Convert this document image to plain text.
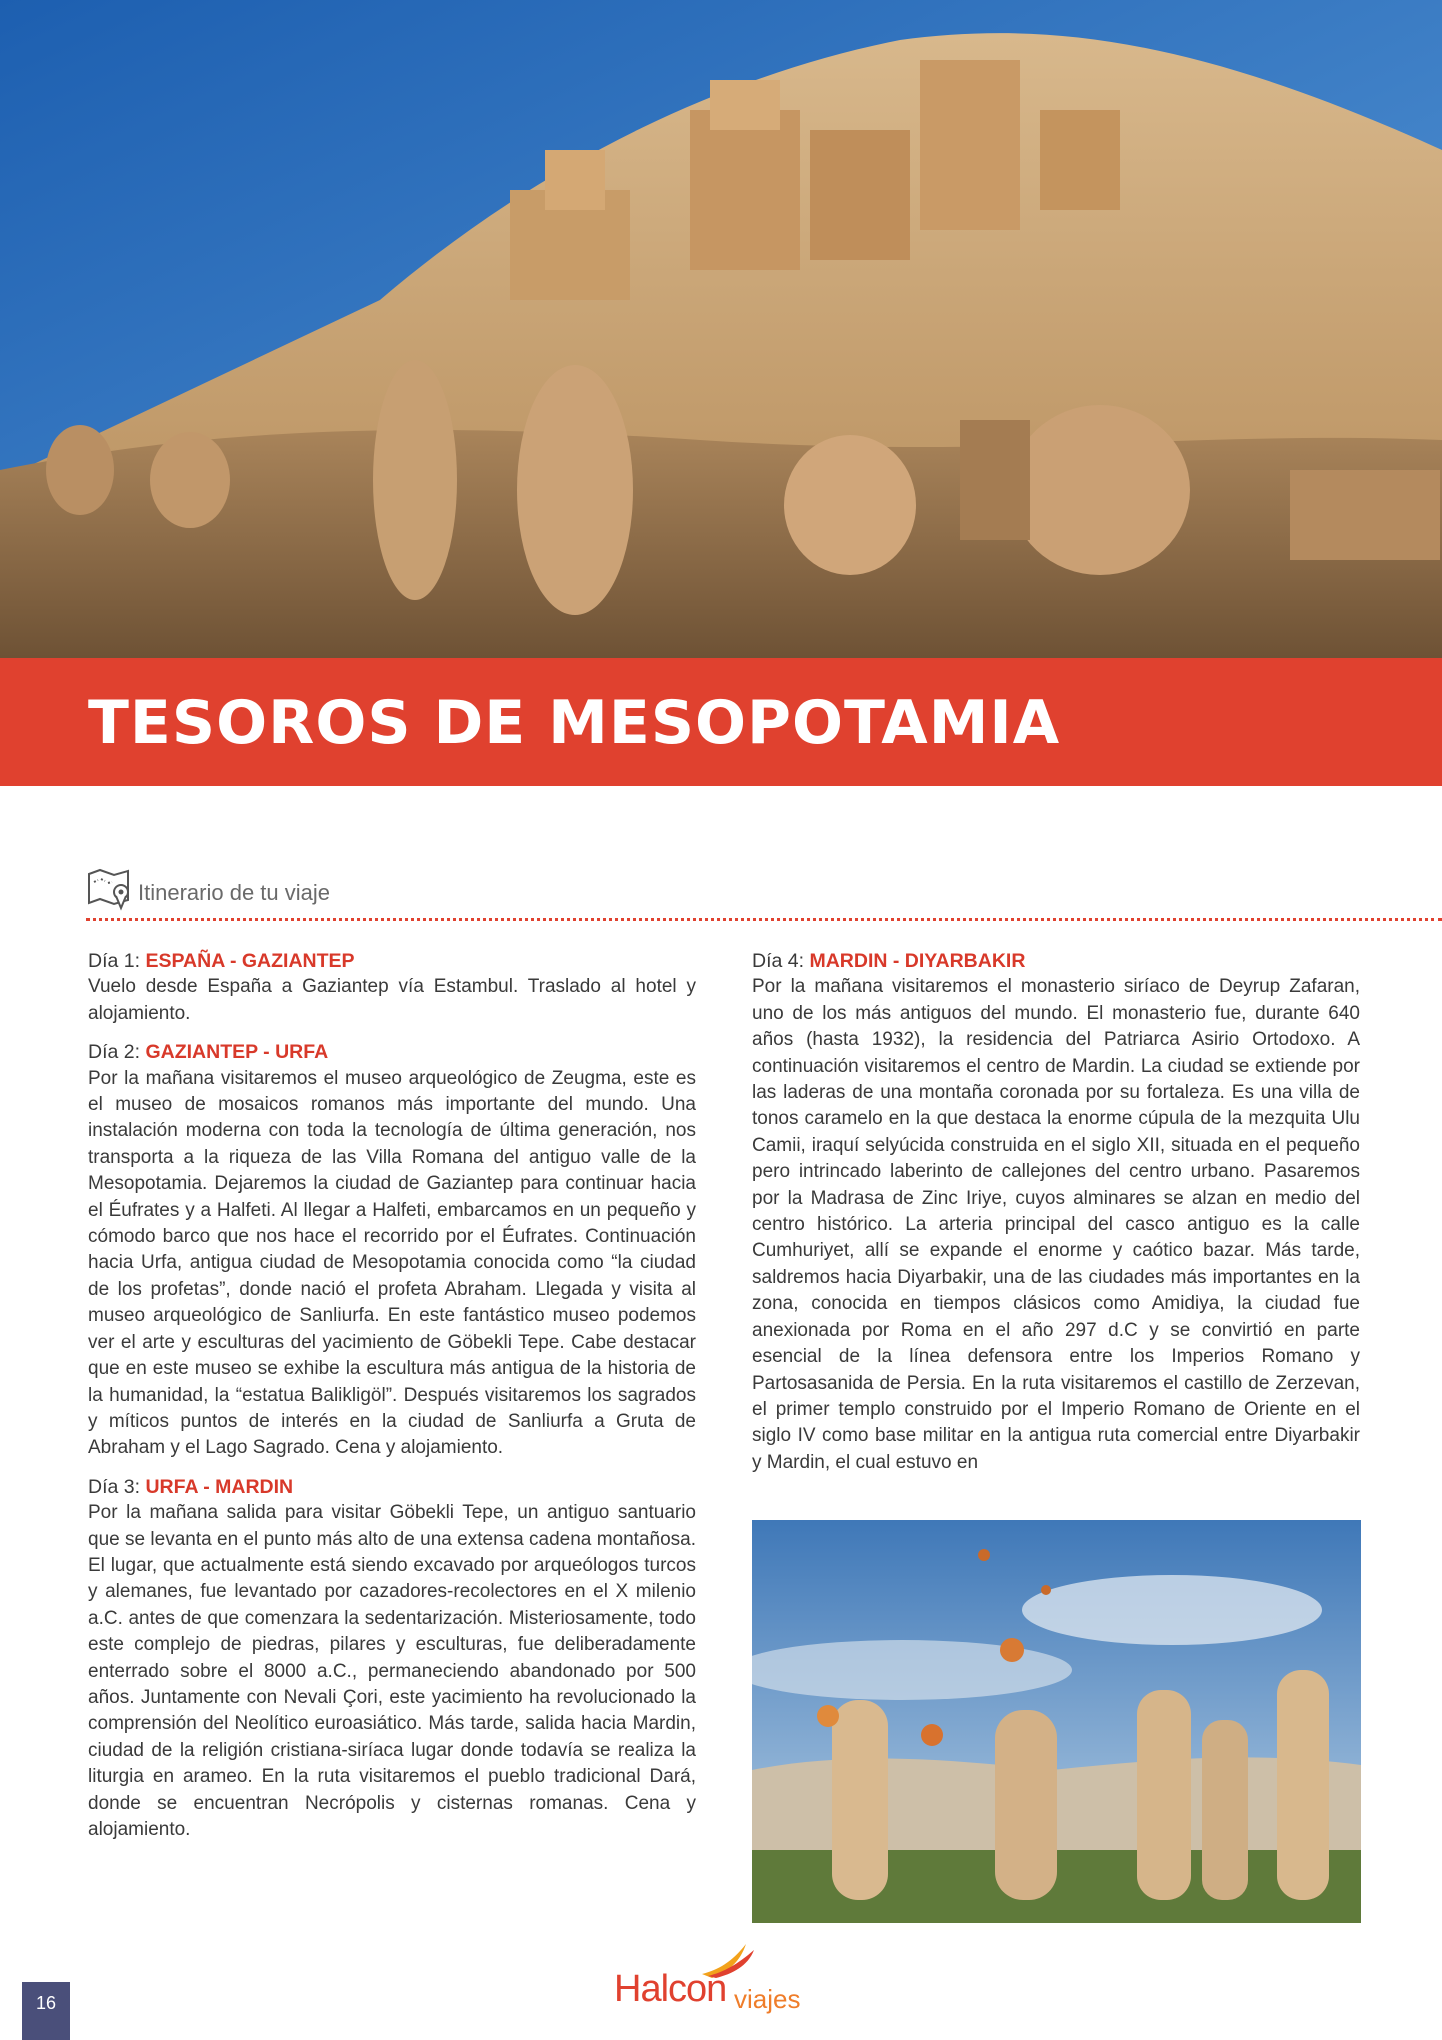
TESOROS DE MESOPOTAMIA
Itinerario de tu viaje

Día 1: ESPAÑA - GAZIANTEP

Vuelo desde España a Gaziantep vía Estambul. Traslado al hotel y alojamiento.

Día 2: GAZIANTEP - URFA

Por la mañana visitaremos el museo arqueológico de Zeugma, este es el museo de mosaicos romanos más importante del mundo. Una instalación moderna con toda la tecnología de última generación, nos transporta a la riqueza de las Villa Romana del antiguo valle de la Mesopotamia. Dejaremos la ciudad de Gaziantep para continuar hacia el Éufrates y a Halfeti. Al llegar a Halfeti, embarcamos en un pequeño y cómodo barco que nos hace el recorrido por el Éufrates. Continuación hacia Urfa, antigua ciudad de Mesopotamia conocida como “la ciudad de los profetas”, donde nació el profeta Abraham. Llegada y visita al museo arqueológico de Sanliurfa. En este fantástico museo podemos ver el arte y esculturas del yacimiento de Göbekli Tepe. Cabe destacar que en este museo se exhibe la escultura más antigua de la historia de la humanidad, la “estatua Balikligöl”. Después visitaremos los sagrados y míticos puntos de interés en la ciudad de Sanliurfa a Gruta de Abraham y el Lago Sagrado. Cena y alojamiento.

Día 3: URFA - MARDIN

Por la mañana salida para visitar Göbekli Tepe, un antiguo santuario que se levanta en el punto más alto de una extensa cadena montañosa. El lugar, que actualmente está siendo excavado por arqueólogos turcos y alemanes, fue levantado por cazadores-recolectores en el X milenio a.C. antes de que comenzara la sedentarización. Misteriosamente, todo este complejo de piedras, pilares y esculturas, fue deliberadamente enterrado sobre el 8000 a.C., permaneciendo abandonado por 500 años. Juntamente con Nevali Çori, este yacimiento ha revolucionado la comprensión del Neolítico euroasiático. Más tarde, salida hacia Mardin, ciudad de la religión cristiana-siríaca lugar donde todavía se realiza la liturgia en arameo. En la ruta visitaremos el pueblo tradicional Dará, donde se encuentran Necrópolis y cisternas romanas. Cena y alojamiento.

Día 4: MARDIN - DIYARBAKIR

Por la mañana visitaremos el monasterio siríaco de Deyrup Zafaran, uno de los más antiguos del mundo. El monasterio fue, durante 640 años (hasta 1932), la residencia del Patriarca Asirio Ortodoxo. A continuación visitaremos el centro de Mardin. La ciudad se extiende por las laderas de una montaña coronada por su fortaleza. Es una villa de tonos caramelo en la que destaca la enorme cúpula de la mezquita Ulu Camii, iraquí selyúcida construida en el siglo XII, situada en el pequeño pero intrincado laberinto de callejones del centro urbano. Pasaremos por la Madrasa de Zinc Iriye, cuyos alminares se alzan en medio del centro histórico. La arteria principal del casco antiguo es la calle Cumhuriyet, allí se expande el enorme y caótico bazar. Más tarde, saldremos hacia Diyarbakir, una de las ciudades más importantes en la zona, conocida en tiempos clásicos como Amidiya, la ciudad fue anexionada por Roma en el año 297 d.C y se convirtió en parte esencial de la línea defensora entre los Imperios Romano y Partosasanida de Persia. En la ruta visitaremos el castillo de Zerzevan, el primer templo construido por el Imperio Romano de Oriente en el siglo IV como base militar en la antigua ruta comercial entre Diyarbakir y Mardin, el cual estuvo en

16	Halcon viajes
